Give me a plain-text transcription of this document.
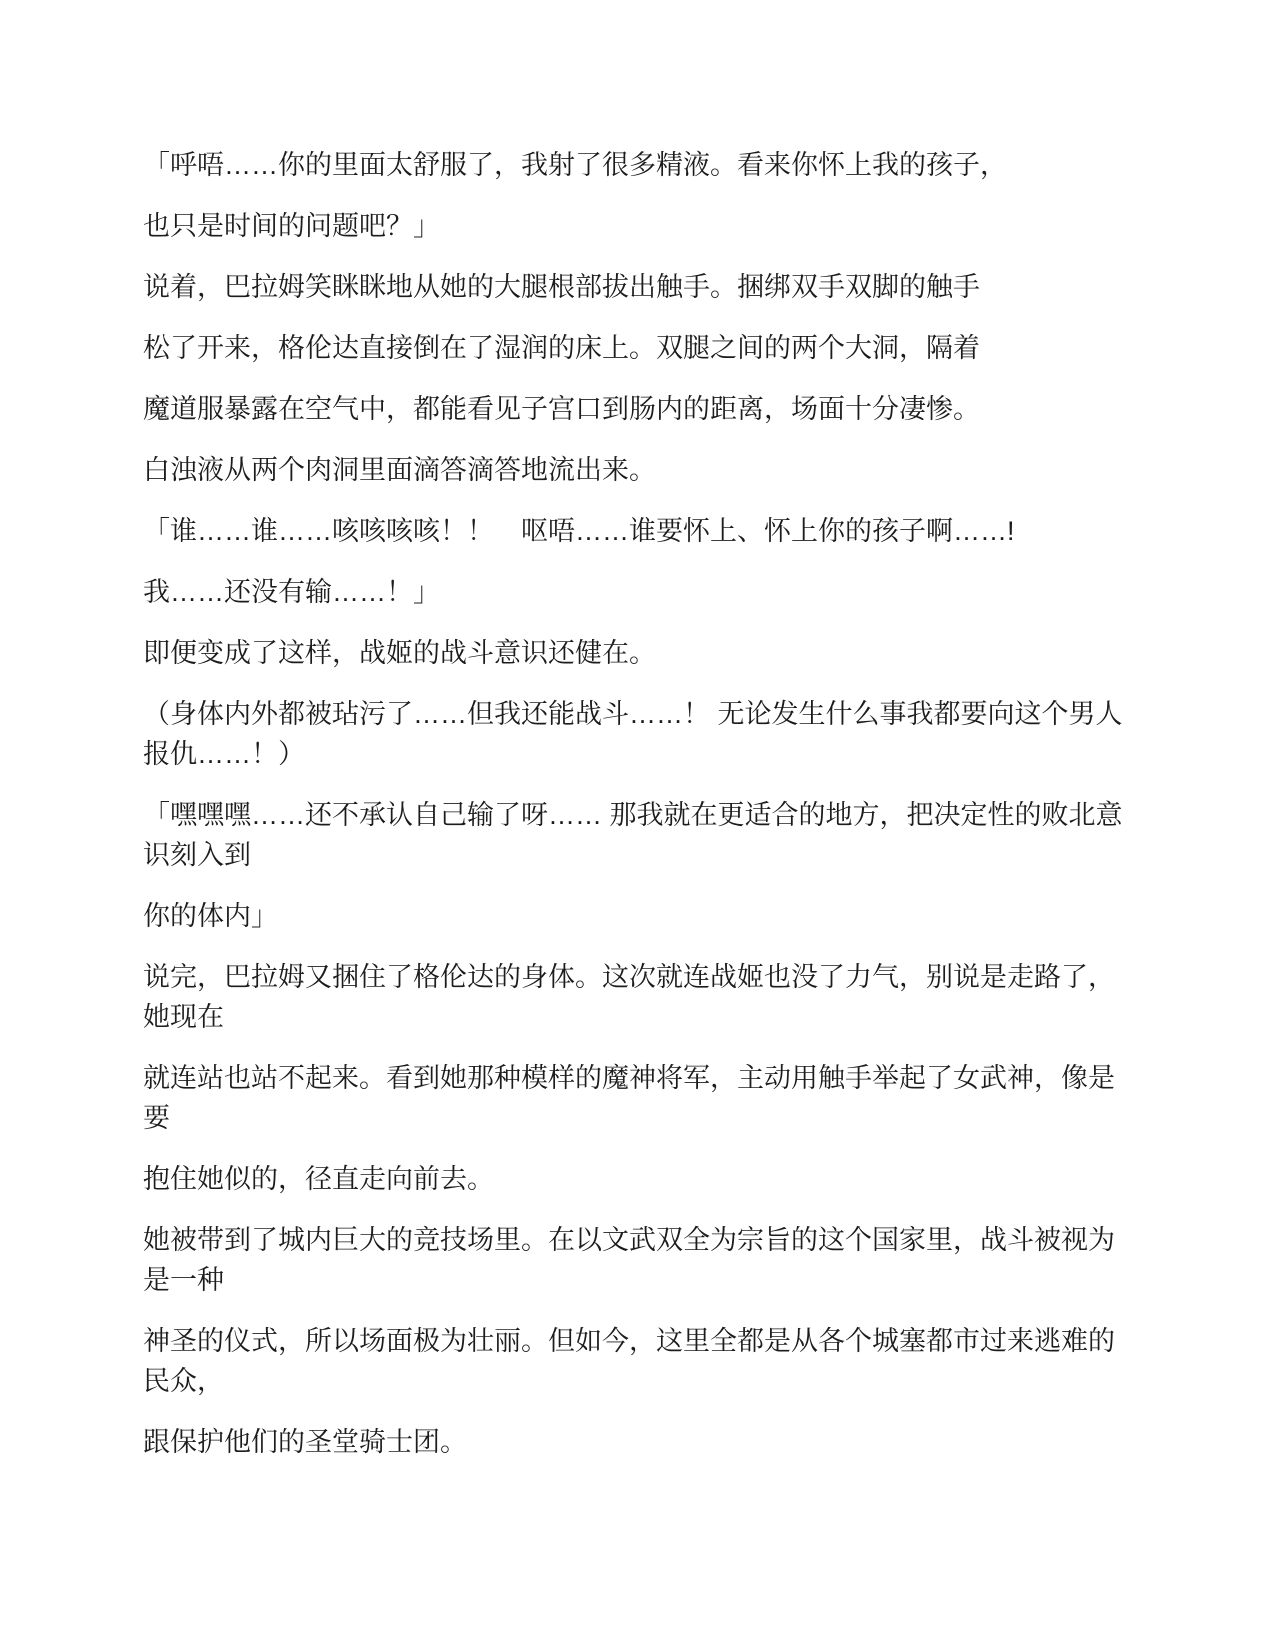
「呼唔……你的里面太舒服了，我射了很多精液。看来你怀上我的孩子，

也只是时间的问题吧？」

说着，巴拉姆笑眯眯地从她的大腿根部拔出触手。捆绑双手双脚的触手

松了开来，格伦达直接倒在了湿润的床上。双腿之间的两个大洞，隔着

魔道服暴露在空气中，都能看见子宫口到肠内的距离，场面十分凄惨。

白浊液从两个肉洞里面滴答滴答地流出来。

「谁……谁……咳咳咳咳！！　呕唔……谁要怀上、怀上你的孩子啊……!

我……还没有输……！」

即便变成了这样，战姬的战斗意识还健在。

（身体内外都被玷污了……但我还能战斗……！ 无论发生什么事我都要向这个男人报仇……！）

「嘿嘿嘿……还不承认自己输了呀…… 那我就在更适合的地方，把决定性的败北意识刻入到

你的体内」

说完，巴拉姆又捆住了格伦达的身体。这次就连战姬也没了力气，别说是走路了，她现在

就连站也站不起来。看到她那种模样的魔神将军，主动用触手举起了女武神，像是要

抱住她似的，径直走向前去。

她被带到了城内巨大的竞技场里。在以文武双全为宗旨的这个国家里，战斗被视为是一种

神圣的仪式，所以场面极为壮丽。但如今，这里全都是从各个城塞都市过来逃难的民众，

跟保护他们的圣堂骑士团。
